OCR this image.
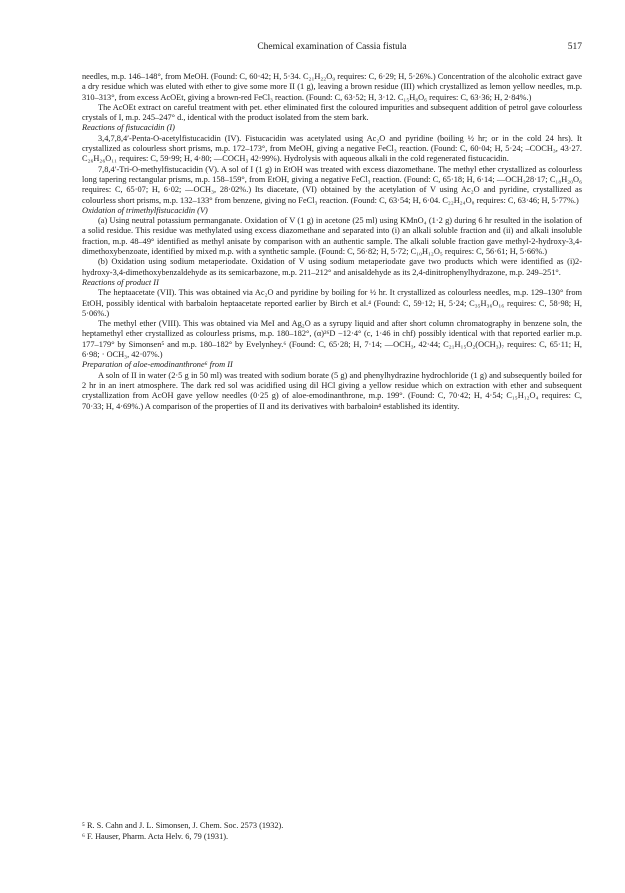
Chemical examination of Cassia fistula	517

needles, m.p. 146–148°, from MeOH. (Found: C, 60·42; H, 5·34. C₂₁H₂₂O₉ requires: C, 6·29; H, 5·26%.) Concentration of the alcoholic extract gave a dry residue which was eluted with ether to give some more II (1 g), leaving a brown residue (III) which crystallized as lemon yellow needles, m.p. 310–313°, from excess AcOEt, giving a brown-red FeCl₃ reaction. (Found: C, 63·52; H, 3·12. C₁₅H₈O₆ requires: C, 63·36; H, 2·84%.)

The AcOEt extract on careful treatment with pet. ether eliminated first the coloured impurities and subsequent addition of petrol gave colourless crystals of I, m.p. 245–247° d., identical with the product isolated from the stem bark.

Reactions of fistucacidin (I)

3,4,7,8,4′-Penta-O-acetylfistucacidin (IV). Fistucacidin was acetylated using Ac₂O and pyridine (boiling ½ hr; or in the cold 24 hrs). It crystallized as colourless short prisms, m.p. 172–173°, from MeOH, giving a negative FeCl₃ reaction. (Found: C, 60·04; H, 5·24; –COCH₃, 43·27. C₂₆H₂₆O₁₁ requires: C, 59·99; H, 4·80; —COCH₃ 42·99%). Hydrolysis with aqueous alkali in the cold regenerated fistucacidin.

7,8,4′-Tri-O-methylfistucacidin (V). A sol of I (1 g) in EtOH was treated with excess diazomethane. The methyl ether crystallized as colourless long tapering rectangular prisms, m.p. 158–159°, from EtOH, giving a negative FeCl₃ reaction. (Found: C, 65·18; H, 6·14; —OCH₃28·17; C₁₈H₂₀O₆ requires: C, 65·07; H, 6·02; —OCH₃, 28·02%.) Its diacetate, (VI) obtained by the acetylation of V using Ac₂O and pyridine, crystallized as colourless short prisms, m.p. 132–133° from benzene, giving no FeCl₃ reaction. (Found: C, 63·54; H, 6·04. C₂₂H₂₄O₈ requires: C, 63·46; H, 5·77%.)

Oxidation of trimethylfistucacidin (V)

(a) Using neutral potassium permanganate. Oxidation of V (1 g) in acetone (25 ml) using KMnO₄ (1·2 g) during 6 hr resulted in the isolation of a solid residue. This residue was methylated using excess diazomethane and separated into (i) an alkali soluble fraction and (ii) and alkali insoluble fraction, m.p. 48–49° identified as methyl anisate by comparison with an authentic sample. The alkali soluble fraction gave methyl-2-hydroxy-3,4-dimethoxybenzoate, identified by mixed m.p. with a synthetic sample. (Found: C, 56·82; H, 5·72; C₁₀H₁₂O₅ requires: C, 56·61; H, 5·66%.)

(b) Oxidation using sodium metaperiodate. Oxidation of V using sodium metaperiodate gave two products which were identified as (i)2-hydroxy-3,4-dimethoxybenzaldehyde as its semicarbazone, m.p. 211–212° and anisaldehyde as its 2,4-dinitrophenylhydrazone, m.p. 249–251°.

Reactions of product II

The heptaacetate (VII). This was obtained via Ac₂O and pyridine by boiling for ½ hr. It crystallized as colourless needles, m.p. 129–130° from EtOH, possibly identical with barbaloin heptaacetate reported earlier by Birch et al.⁴ (Found: C, 59·12; H, 5·24; C₃₅H₃₆O₁₆ requires: C, 58·98; H, 5·06%.)

The methyl ether (VIII). This was obtained via MeI and Ag₂O as a syrupy liquid and after short column chromatography in benzene soln, the heptamethyl ether crystallized as colourless prisms, m.p. 180–182°, (α)²⁶D −12·4° (c, 1·46 in chf) possibly identical with that reported earlier m.p. 177–179° by Simonsen⁵ and m.p. 180–182° by Evelynhey.⁶ (Found: C, 65·28; H, 7·14; —OCH₃, 42·44; C₂₁H₁₅O₂(OCH₃)₇ requires: C, 65·11; H, 6·98; · OCH₃, 42·07%.)

Preparation of aloe-emodinanthrone⁶ from II

A soln of II in water (2·5 g in 50 ml) was treated with sodium borate (5 g) and phenylhydrazine hydrochloride (1 g) and subsequently boiled for 2 hr in an inert atmosphere. The dark red sol was acidified using dil HCl giving a yellow residue which on extraction with ether and subsequent crystallization from AcOH gave yellow needles (0·25 g) of aloe-emodinanthrone, m.p. 199°. (Found: C, 70·42; H, 4·54; C₁₅H₁₂O₄ requires: C, 70·33; H, 4·69%.) A comparison of the properties of II and its derivatives with barbaloin⁴ established its identity.

⁵ R. S. Cahn and J. L. Simonsen, J. Chem. Soc. 2573 (1932).

⁶ F. Hauser, Pharm. Acta Helv. 6, 79 (1931).
